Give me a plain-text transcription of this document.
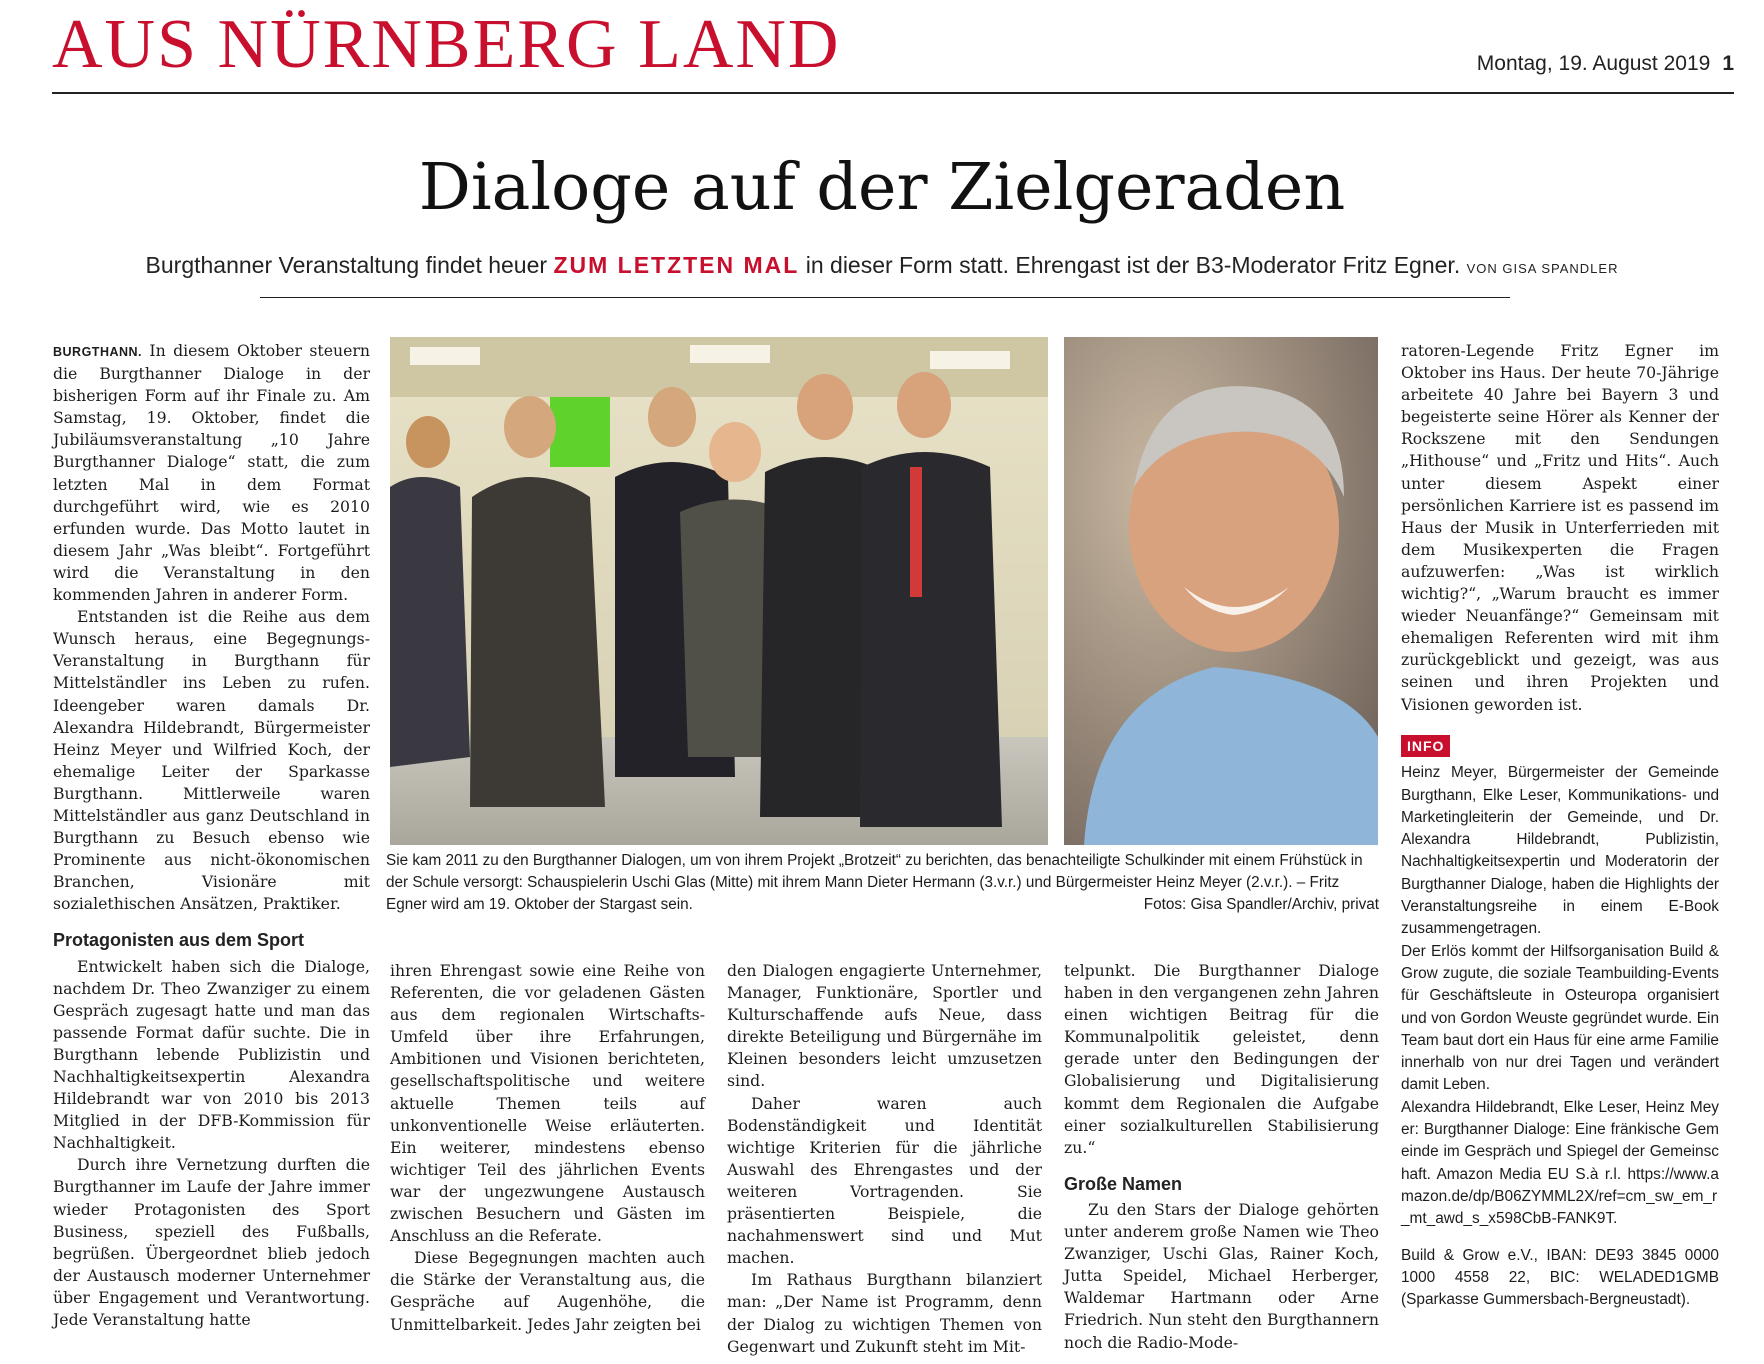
AUS NÜRNBERG LAND	Montag, 19. August 2019 1
Dialoge auf der Zielgeraden
Burgthanner Veranstaltung findet heuer ZUM LETZTEN MAL in dieser Form statt. Ehrengast ist der B3-Moderator Fritz Egner. VON GISA SPANDLER

BURGTHANN. In diesem Oktober steuern die Burgthanner Dialoge in der bisherigen Form auf ihr Finale zu. Am Samstag, 19. Oktober, findet die Jubiläumsveranstaltung „10 Jahre Burgthanner Dialoge“ statt, die zum letzten Mal in dem Format durchgeführt wird, wie es 2010 erfunden wurde. Das Motto lautet in diesem Jahr „Was bleibt“. Fortgeführt wird die Veranstaltung in den kommenden Jahren in anderer Form.

Entstanden ist die Reihe aus dem Wunsch heraus, eine Begegnungs-Veranstaltung in Burgthann für Mittelständler ins Leben zu rufen. Ideengeber waren damals Dr. Alexandra Hildebrandt, Bürgermeister Heinz Meyer und Wilfried Koch, der ehemalige Leiter der Sparkasse Burgthann. Mittlerweile waren Mittelständler aus ganz Deutschland in Burgthann zu Besuch ebenso wie Prominente aus nicht-ökonomischen Branchen, Visionäre mit sozialethischen Ansätzen, Praktiker.

Protagonisten aus dem Sport

Entwickelt haben sich die Dialoge, nachdem Dr. Theo Zwanziger zu einem Gespräch zugesagt hatte und man das passende Format dafür suchte. Die in Burgthann lebende Publizistin und Nachhaltigkeitsexpertin Alexandra Hildebrandt war von 2010 bis 2013 Mitglied in der DFB-Kommission für Nachhaltigkeit.

Durch ihre Vernetzung durften die Burgthanner im Laufe der Jahre immer wieder Protagonisten des Sport Business, speziell des Fußballs, begrüßen. Übergeordnet blieb jedoch der Austausch moderner Unternehmer über Engagement und Verantwortung. Jede Veranstaltung hatte

Sie kam 2011 zu den Burgthanner Dialogen, um von ihrem Projekt „Brotzeit“ zu berichten, das benachteiligte Schulkinder mit einem Frühstück in der Schule versorgt: Schauspielerin Uschi Glas (Mitte) mit ihrem Mann Dieter Hermann (3.v.r.) und Bürgermeister Heinz Meyer (2.v.r.). – Fritz Egner wird am 19. Oktober der Stargast sein.	Fotos: Gisa Spandler/Archiv, privat

ihren Ehrengast sowie eine Reihe von Referenten, die vor geladenen Gästen aus dem regionalen Wirtschafts-Umfeld über ihre Erfahrungen, Ambitionen und Visionen berichteten, gesellschaftspolitische und weitere aktuelle Themen teils auf unkonventionelle Weise erläuterten. Ein weiterer, mindestens ebenso wichtiger Teil des jährlichen Events war der ungezwungene Austausch zwischen Besuchern und Gästen im Anschluss an die Referate.

Diese Begegnungen machten auch die Stärke der Veranstaltung aus, die Gespräche auf Augenhöhe, die Unmittelbarkeit. Jedes Jahr zeigten bei

den Dialogen engagierte Unternehmer, Manager, Funktionäre, Sportler und Kulturschaffende aufs Neue, dass direkte Beteiligung und Bürgernähe im Kleinen besonders leicht umzusetzen sind.

Daher waren auch Bodenständigkeit und Identität wichtige Kriterien für die jährliche Auswahl des Ehrengastes und der weiteren Vortragenden. Sie präsentierten Beispiele, die nachahmenswert sind und Mut machen.

Im Rathaus Burgthann bilanziert man: „Der Name ist Programm, denn der Dialog zu wichtigen Themen von Gegenwart und Zukunft steht im Mit-

telpunkt. Die Burgthanner Dialoge haben in den vergangenen zehn Jahren einen wichtigen Beitrag für die Kommunalpolitik geleistet, denn gerade unter den Bedingungen der Globalisierung und Digitalisierung kommt dem Regionalen die Aufgabe einer sozialkulturellen Stabilisierung zu.“

Große Namen

Zu den Stars der Dialoge gehörten unter anderem große Namen wie Theo Zwanziger, Uschi Glas, Rainer Koch, Jutta Speidel, Michael Herberger, Waldemar Hartmann oder Arne Friedrich. Nun steht den Burgthannern noch die Radio-Mode-

ratoren-Legende Fritz Egner im Oktober ins Haus. Der heute 70-Jährige arbeitete 40 Jahre bei Bayern 3 und begeisterte seine Hörer als Kenner der Rockszene mit den Sendungen „Hithouse“ und „Fritz und Hits“. Auch unter diesem Aspekt einer persönlichen Karriere ist es passend im Haus der Musik in Unterferrieden mit dem Musikexperten die Fragen aufzuwerfen: „Was ist wirklich wichtig?“, „Warum braucht es immer wieder Neuanfänge?“ Gemeinsam mit ehemaligen Referenten wird mit ihm zurückgeblickt und gezeigt, was aus seinen und ihren Projekten und Visionen geworden ist.

INFO

Heinz Meyer, Bürgermeister der Gemeinde Burgthann, Elke Leser, Kommunikations- und Marketingleiterin der Gemeinde, und Dr. Alexandra Hildebrandt, Publizistin, Nachhaltigkeitsexpertin und Moderatorin der Burgthanner Dialoge, haben die Highlights der Veranstaltungsreihe in einem E-Book zusammengetragen.

Der Erlös kommt der Hilfsorganisation Build & Grow zugute, die soziale Teambuilding-Events für Geschäftsleute in Osteuropa organisiert und von Gordon Weuste gegründet wurde. Ein Team baut dort ein Haus für eine arme Familie innerhalb von nur drei Tagen und verändert damit Leben.

Alexandra Hildebrandt, Elke Leser, Heinz Meyer: Burgthanner Dialoge: Eine fränkische Gemeinde im Gespräch und Spiegel der Gemeinschaft. Amazon Media EU S.à r.l. https://www.amazon.de/dp/B06ZYMML2X/ref=cm_sw_em_r_mt_awd_s_x598CbB-FANK9T.

Build & Grow e.V., IBAN: DE93 3845 0000 1000 4558 22, BIC: WELADED1GMB (Sparkasse Gummersbach-Bergneustadt).
